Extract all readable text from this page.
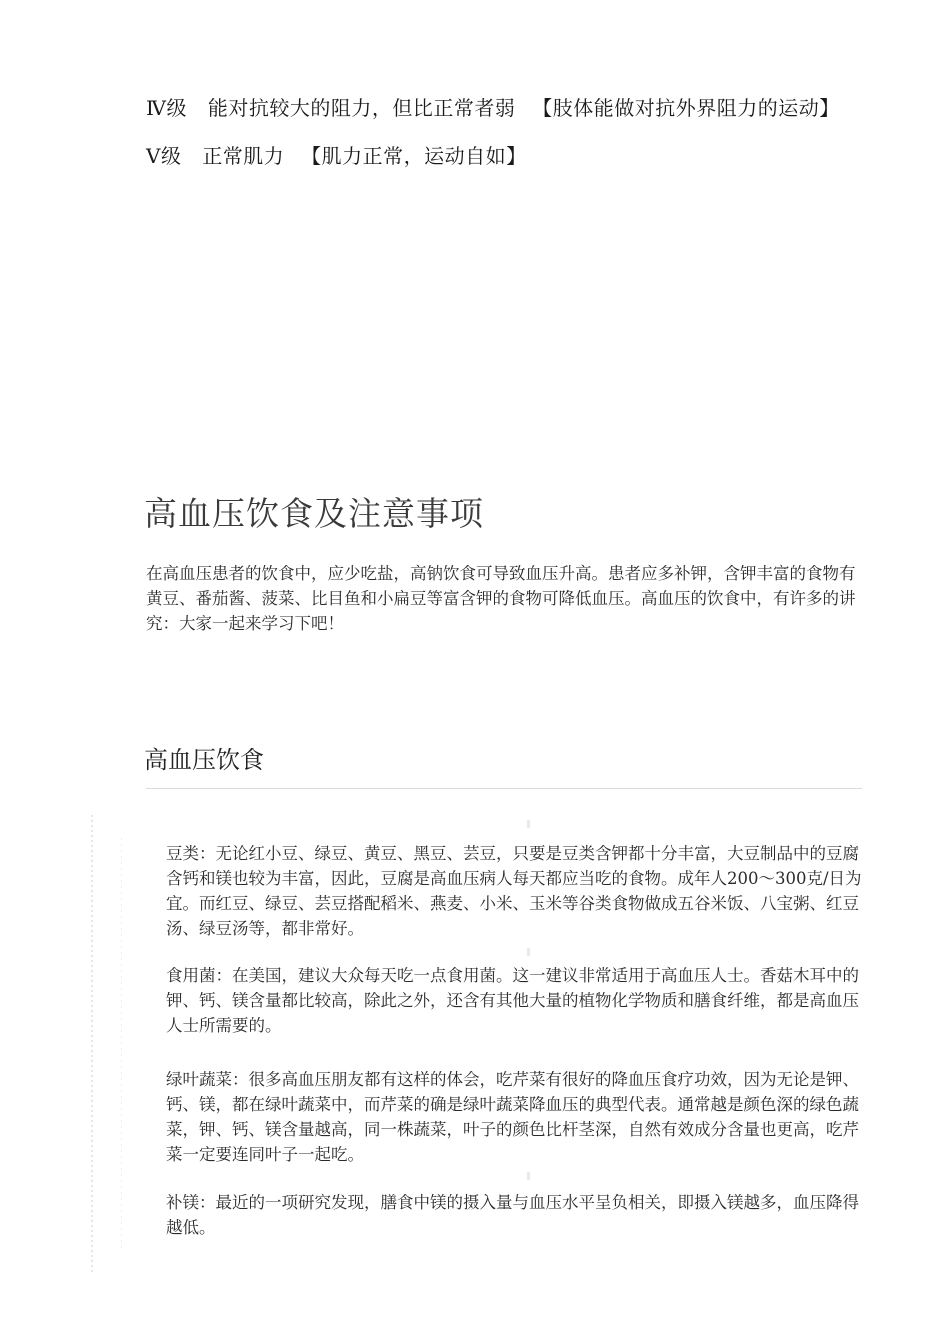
Ⅳ级 能对抗较大的阻力，但比正常者弱 【肢体能做对抗外界阻力的运动】
Ⅴ级 正常肌力 【肌力正常，运动自如】
高血压饮食及注意事项

在高血压患者的饮食中，应少吃盐，高钠饮食可导致血压升高。患者应多补钾，含钾丰富的食物有黄豆、番茄酱、菠菜、比目鱼和小扁豆等富含钾的食物可降低血压。高血压的饮食中，有许多的讲究：大家一起来学习下吧！

高血压饮食

豆类：无论红小豆、绿豆、黄豆、黑豆、芸豆，只要是豆类含钾都十分丰富，大豆制品中的豆腐含钙和镁也较为丰富，因此，豆腐是高血压病人每天都应当吃的食物。成年人200～300克/日为宜。而红豆、绿豆、芸豆搭配稻米、燕麦、小米、玉米等谷类食物做成五谷米饭、八宝粥、红豆汤、绿豆汤等，都非常好。

食用菌：在美国，建议大众每天吃一点食用菌。这一建议非常适用于高血压人士。香菇木耳中的钾、钙、镁含量都比较高，除此之外，还含有其他大量的植物化学物质和膳食纤维，都是高血压人士所需要的。

绿叶蔬菜：很多高血压朋友都有这样的体会，吃芹菜有很好的降血压食疗功效，因为无论是钾、钙、镁，都在绿叶蔬菜中，而芹菜的确是绿叶蔬菜降血压的典型代表。通常越是颜色深的绿色蔬菜，钾、钙、镁含量越高，同一株蔬菜，叶子的颜色比杆茎深，自然有效成分含量也更高，吃芹菜一定要连同叶子一起吃。

补镁：最近的一项研究发现，膳食中镁的摄入量与血压水平呈负相关，即摄入镁越多，血压降得越低。
